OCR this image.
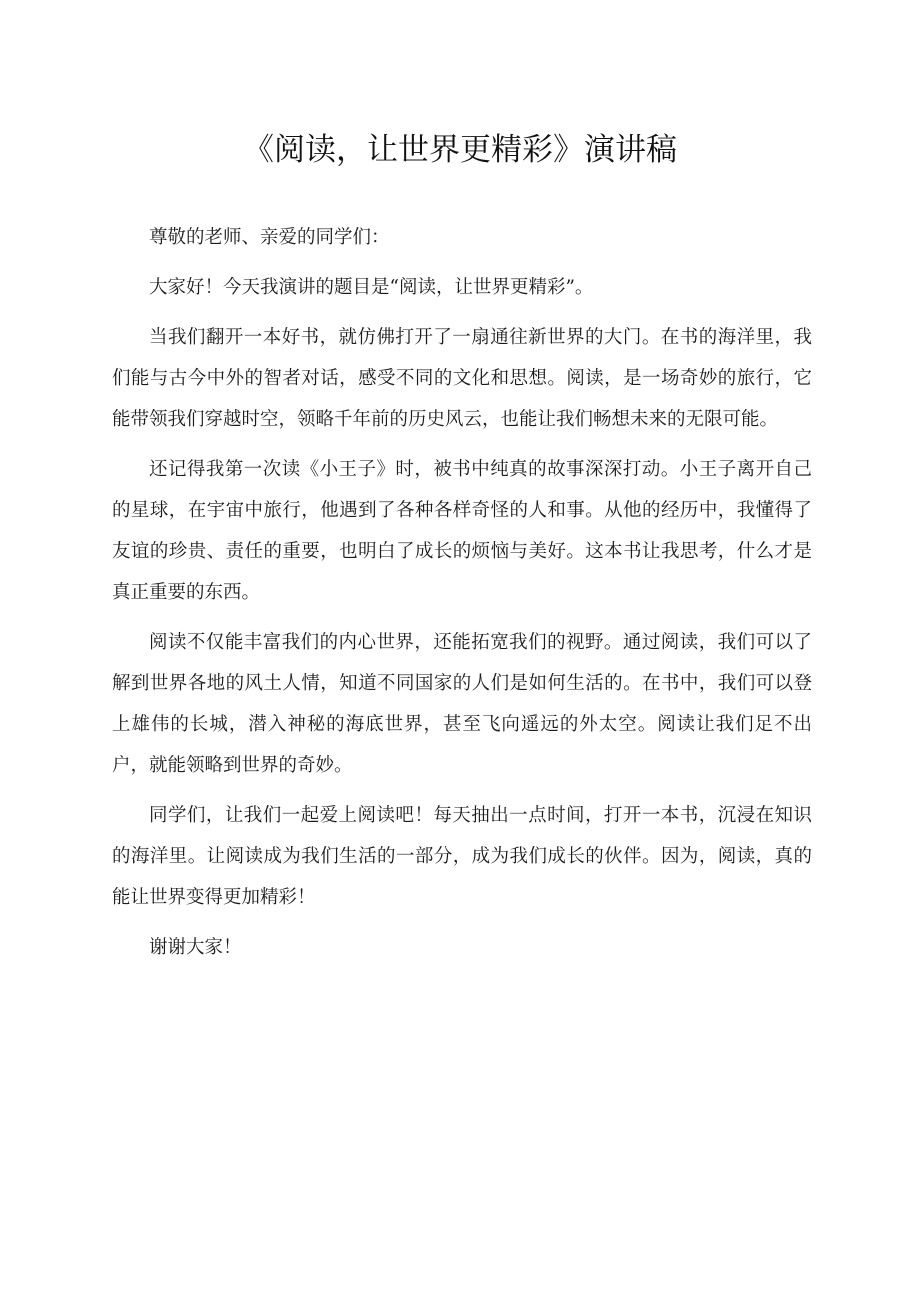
《阅读，让世界更精彩》演讲稿

尊敬的老师、亲爱的同学们：

大家好！今天我演讲的题目是“阅读，让世界更精彩”。

当我们翻开一本好书，就仿佛打开了一扇通往新世界的大门。在书的海洋里，我们能与古今中外的智者对话，感受不同的文化和思想。阅读，是一场奇妙的旅行，它能带领我们穿越时空，领略千年前的历史风云，也能让我们畅想未来的无限可能。

还记得我第一次读《小王子》时，被书中纯真的故事深深打动。小王子离开自己的星球，在宇宙中旅行，他遇到了各种各样奇怪的人和事。从他的经历中，我懂得了友谊的珍贵、责任的重要，也明白了成长的烦恼与美好。这本书让我思考，什么才是真正重要的东西。

阅读不仅能丰富我们的内心世界，还能拓宽我们的视野。通过阅读，我们可以了解到世界各地的风土人情，知道不同国家的人们是如何生活的。在书中，我们可以登上雄伟的长城，潜入神秘的海底世界，甚至飞向遥远的外太空。阅读让我们足不出户，就能领略到世界的奇妙。

同学们，让我们一起爱上阅读吧！每天抽出一点时间，打开一本书，沉浸在知识的海洋里。让阅读成为我们生活的一部分，成为我们成长的伙伴。因为，阅读，真的能让世界变得更加精彩！

谢谢大家！
